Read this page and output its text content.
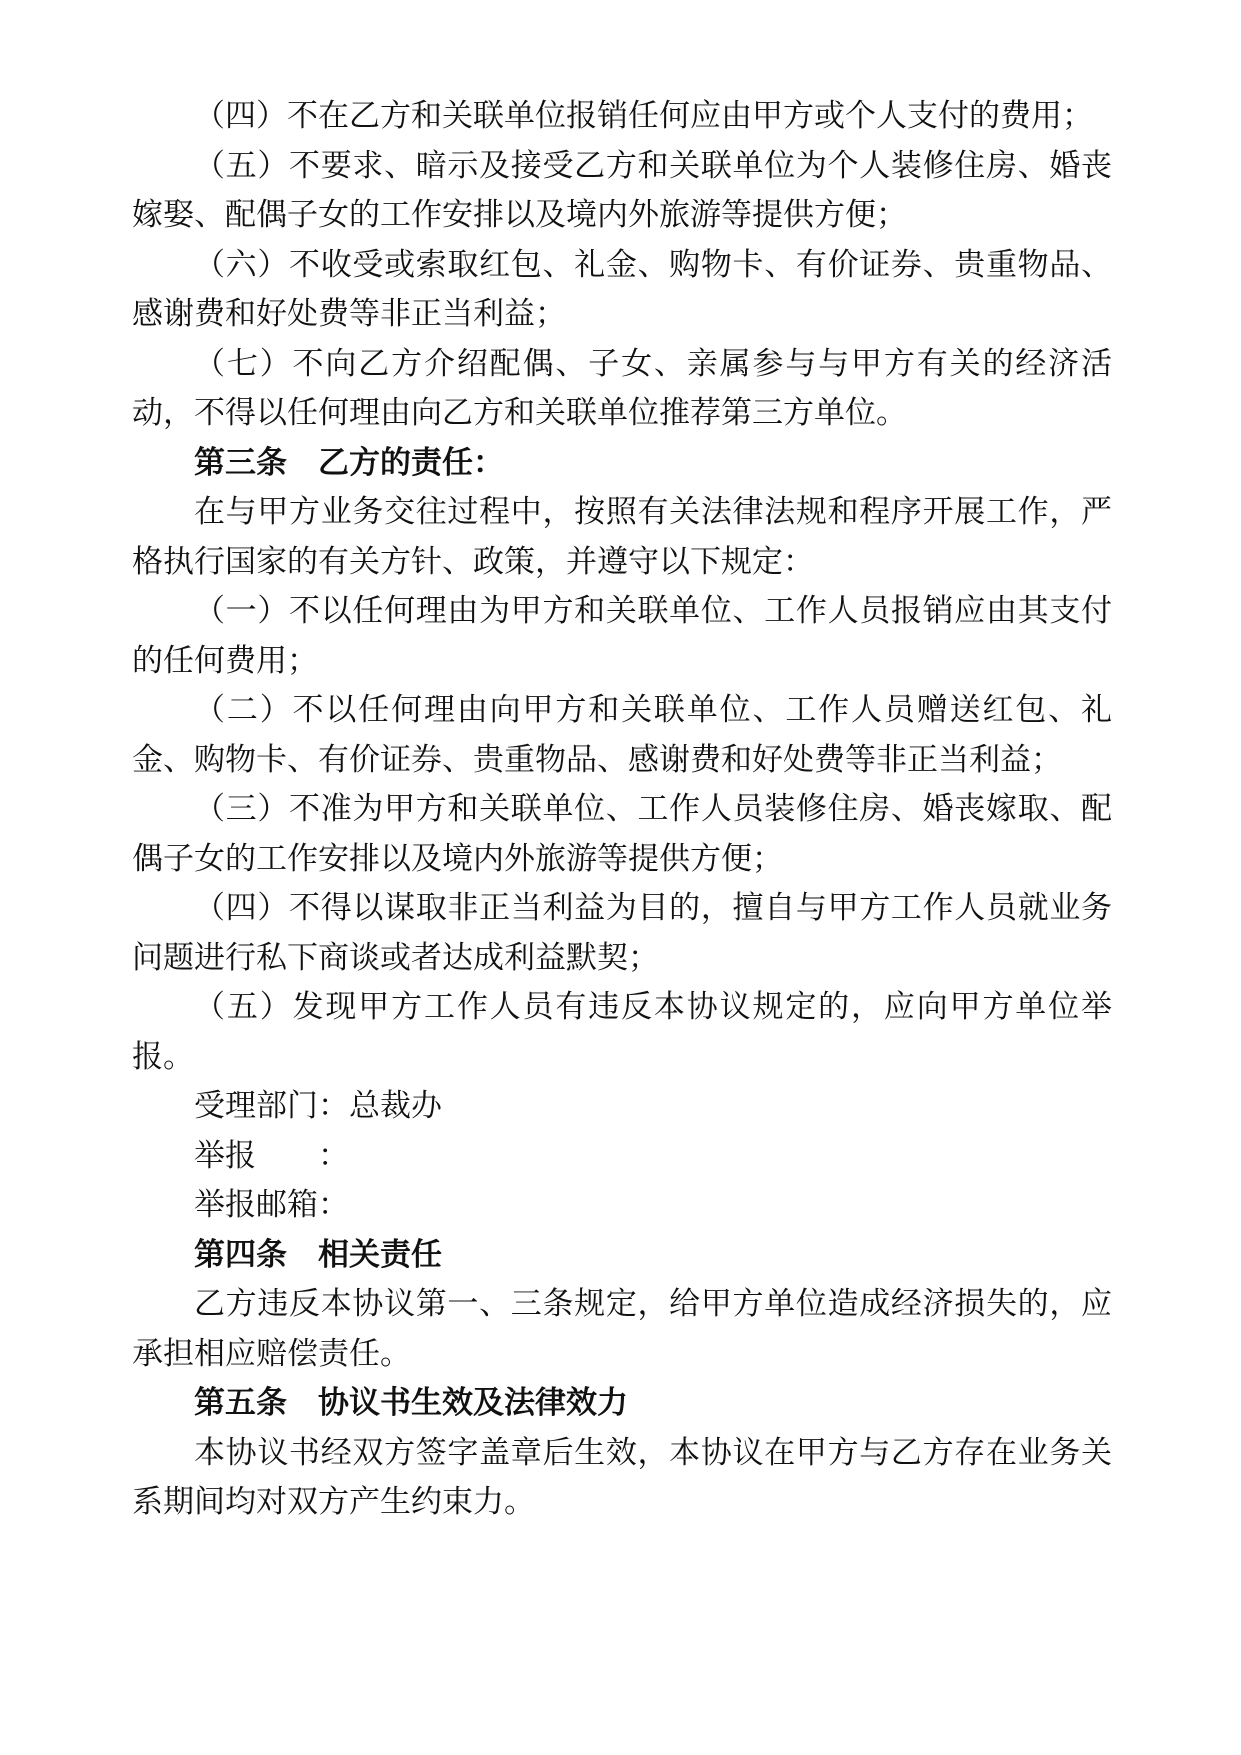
（四）不在乙方和关联单位报销任何应由甲方或个人支付的费用；

（五）不要求、暗示及接受乙方和关联单位为个人装修住房、婚丧嫁娶、配偶子女的工作安排以及境内外旅游等提供方便；

（六）不收受或索取红包、礼金、购物卡、有价证券、贵重物品、感谢费和好处费等非正当利益；

（七）不向乙方介绍配偶、子女、亲属参与与甲方有关的经济活动，不得以任何理由向乙方和关联单位推荐第三方单位。

第三条　乙方的责任：

在与甲方业务交往过程中，按照有关法律法规和程序开展工作，严格执行国家的有关方针、政策，并遵守以下规定：

（一）不以任何理由为甲方和关联单位、工作人员报销应由其支付的任何费用；

（二）不以任何理由向甲方和关联单位、工作人员赠送红包、礼金、购物卡、有价证券、贵重物品、感谢费和好处费等非正当利益；

（三）不准为甲方和关联单位、工作人员装修住房、婚丧嫁取、配偶子女的工作安排以及境内外旅游等提供方便；

（四）不得以谋取非正当利益为目的，擅自与甲方工作人员就业务问题进行私下商谈或者达成利益默契；

（五）发现甲方工作人员有违反本协议规定的，应向甲方单位举报。

受理部门：总裁办

举报　　：

举报邮箱：

第四条　相关责任

乙方违反本协议第一、三条规定，给甲方单位造成经济损失的，应承担相应赔偿责任。

第五条　协议书生效及法律效力

本协议书经双方签字盖章后生效，本协议在甲方与乙方存在业务关系期间均对双方产生约束力。
